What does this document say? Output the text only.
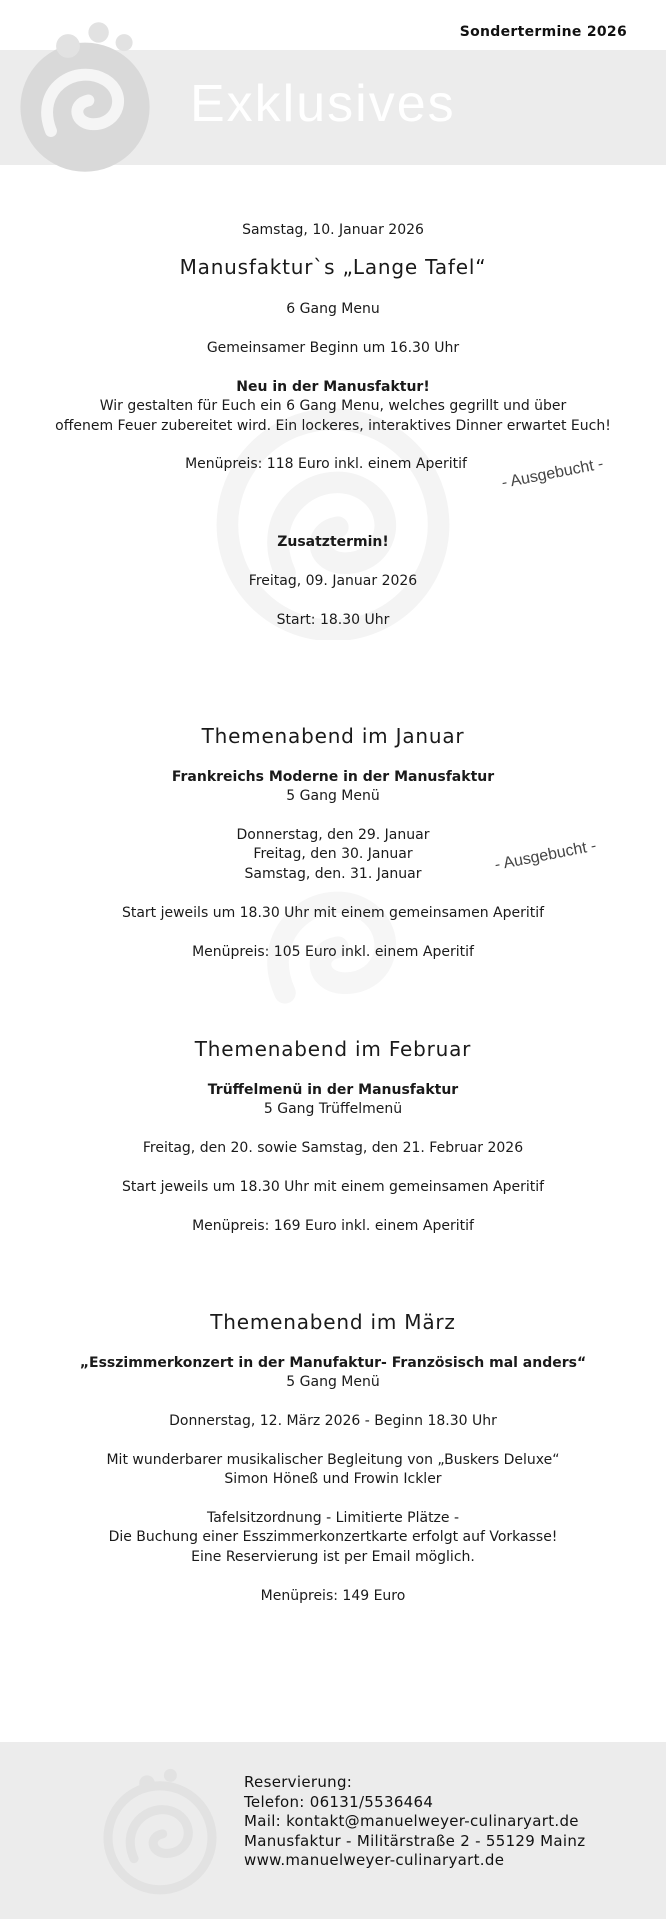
Sondertermine 2026
Exklusives
Samstag, 10. Januar 2026
Manusfaktur`s „Lange Tafel“
6 Gang Menu
Gemeinsamer Beginn um 16.30 Uhr
Neu in der Manusfaktur!
Wir gestalten für Euch ein 6 Gang Menu, welches gegrillt und über
offenem Feuer zubereitet wird. Ein lockeres, interaktives Dinner erwartet Euch!
Menüpreis: 118 Euro inkl. einem Aperitif	- Ausgebucht -
Zusatztermin!
Freitag, 09. Januar 2026
Start: 18.30 Uhr
Themenabend im Januar
Frankreichs Moderne in der Manusfaktur
5 Gang Menü
Donnerstag, den 29. Januar
Freitag, den 30. Januar
Samstag, den. 31. Januar
- Ausgebucht -
Start jeweils um 18.30 Uhr mit einem gemeinsamen Aperitif
Menüpreis: 105 Euro inkl. einem Aperitif
Themenabend im Februar
Trüffelmenü in der Manusfaktur
5 Gang Trüffelmenü
Freitag, den 20. sowie Samstag, den 21. Februar 2026
Start jeweils um 18.30 Uhr mit einem gemeinsamen Aperitif
Menüpreis: 169 Euro inkl. einem Aperitif
Themenabend im März
„Esszimmerkonzert in der Manufaktur- Französisch mal anders“
5 Gang Menü
Donnerstag, 12. März 2026 - Beginn 18.30 Uhr
Mit wunderbarer musikalischer Begleitung von „Buskers Deluxe“
Simon Höneß und Frowin Ickler
Tafelsitzordnung - Limitierte Plätze -
Die Buchung einer Esszimmerkonzertkarte erfolgt auf Vorkasse!
Eine Reservierung ist per Email möglich.
Menüpreis: 149 Euro
Reservierung:
Telefon: 06131/5536464
Mail: kontakt@manuelweyer-culinaryart.de
Manusfaktur - Militärstraße 2 - 55129 Mainz
www.manuelweyer-culinaryart.de
